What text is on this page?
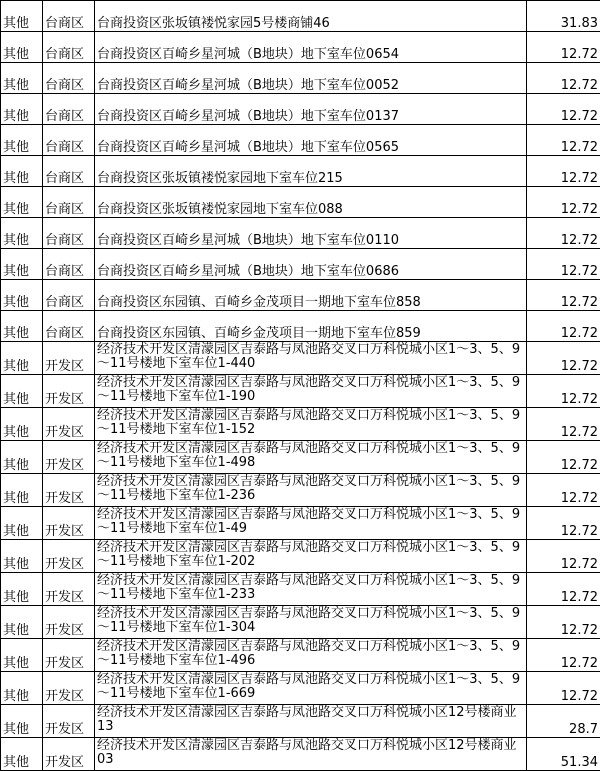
其他	台商区	台商投资区张坂镇褛悦家园5号楼商铺46	31.83
其他	台商区	台商投资区百崎乡星河城（B地块）地下室车位0654	12.72
其他	台商区	台商投资区百崎乡星河城（B地块）地下室车位0052	12.72
其他	台商区	台商投资区百崎乡星河城（B地块）地下室车位0137	12.72
其他	台商区	台商投资区百崎乡星河城（B地块）地下室车位0565	12.72
其他	台商区	台商投资区张坂镇褛悦家园地下室车位215	12.72
其他	台商区	台商投资区张坂镇褛悦家园地下室车位088	12.72
其他	台商区	台商投资区百崎乡星河城（B地块）地下室车位0110	12.72
其他	台商区	台商投资区百崎乡星河城（B地块）地下室车位0686	12.72
其他	台商区	台商投资区东园镇、百崎乡金茂项目一期地下室车位858	12.72
其他	台商区	台商投资区东园镇、百崎乡金茂项目一期地下室车位859	12.72
其他	开发区	经济技术开发区清濛园区吉泰路与凤池路交叉口万科悦城小区1～3、5、9～11号楼地下室车位1-440	12.72
其他	开发区	经济技术开发区清濛园区吉泰路与凤池路交叉口万科悦城小区1～3、5、9～11号楼地下室车位1-190	12.72
其他	开发区	经济技术开发区清濛园区吉泰路与凤池路交叉口万科悦城小区1～3、5、9～11号楼地下室车位1-152	12.72
其他	开发区	经济技术开发区清濛园区吉泰路与凤池路交叉口万科悦城小区1～3、5、9～11号楼地下室车位1-498	12.72
其他	开发区	经济技术开发区清濛园区吉泰路与凤池路交叉口万科悦城小区1～3、5、9～11号楼地下室车位1-236	12.72
其他	开发区	经济技术开发区清濛园区吉泰路与凤池路交叉口万科悦城小区1～3、5、9～11号楼地下室车位1-49	12.72
其他	开发区	经济技术开发区清濛园区吉泰路与凤池路交叉口万科悦城小区1～3、5、9～11号楼地下室车位1-202	12.72
其他	开发区	经济技术开发区清濛园区吉泰路与凤池路交叉口万科悦城小区1～3、5、9～11号楼地下室车位1-233	12.72
其他	开发区	经济技术开发区清濛园区吉泰路与凤池路交叉口万科悦城小区1～3、5、9～11号楼地下室车位1-304	12.72
其他	开发区	经济技术开发区清濛园区吉泰路与凤池路交叉口万科悦城小区1～3、5、9～11号楼地下室车位1-496	12.72
其他	开发区	经济技术开发区清濛园区吉泰路与凤池路交叉口万科悦城小区1～3、5、9～11号楼地下室车位1-669	12.72
其他	开发区	经济技术开发区清濛园区吉泰路与凤池路交叉口万科悦城小区12号楼商业13	28.7
其他	开发区	经济技术开发区清濛园区吉泰路与凤池路交叉口万科悦城小区12号楼商业03	51.34
